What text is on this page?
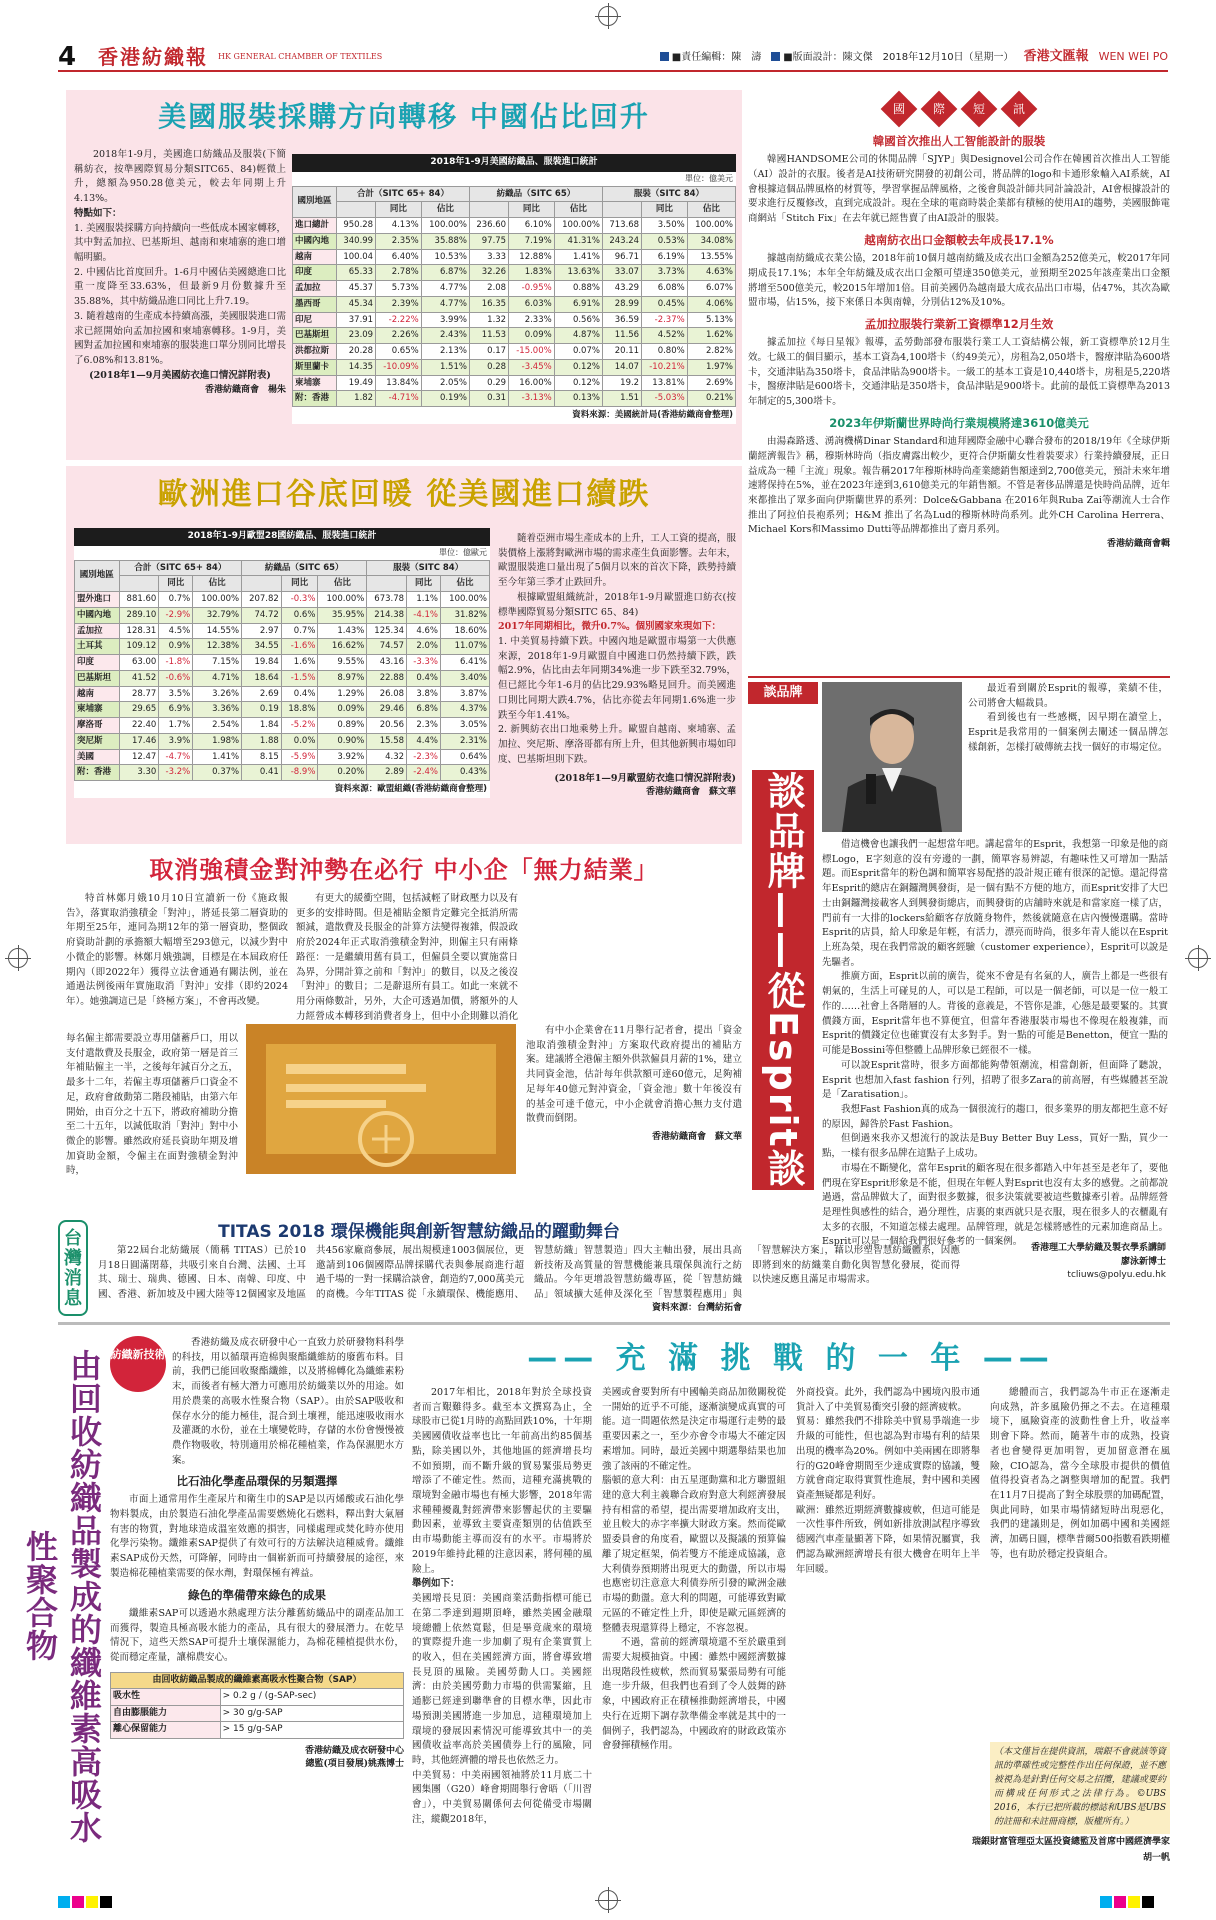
4	香港紡織報 HK GENERAL CHAMBER OF TEXTILES	■責任編輯：陳　濤	■版面設計：陳文傑 2018年12月10日（星期一） 香港文匯報 WEN WEI PO
美國服裝採購方向轉移 中國佔比回升

2018年1-9月，美國進口紡織品及服裝(下簡稱紡衣，按準國際貿易分類SITC65、84)輕微上升，總額為950.28億美元，較去年同期上升4.13%。

特點如下：

1. 美國服裝採購方向持續向一些低成本國家轉移，其中對孟加拉、巴基斯坦、越南和柬埔寨的進口增幅明顯。

2. 中國佔比首度回升。1-6月中國佔美國總進口比重一度降至33.63%，但最新9月份數據升至35.88%，其中紡織品進口同比上升7.19。

3. 隨着越南的生產成本持續高漲，美國服裝進口需求已經開始向孟加拉國和柬埔寨轉移。1-9月，美國對孟加拉國和柬埔寨的服裝進口單分別同比增長了6.08%和13.81%。

(2018年1—9月美國紡衣進口情況詳附表)

香港紡織商會　楊朱

2018年1-9月美國紡織品、服裝進口統計
單位：億美元
國別地區	合計（SITC 65+ 84）			紡織品（SITC 65）			服裝（SITC 84）		
		同比	佔比		同比	佔比		同比	佔比
進口總計	950.28	4.13%	100.00%	236.60	6.10%	100.00%	713.68	3.50%	100.00%
中國內地	340.99	2.35%	35.88%	97.75	7.19%	41.31%	243.24	0.53%	34.08%
越南	100.04	6.40%	10.53%	3.33	12.88%	1.41%	96.71	6.19%	13.55%
印度	65.33	2.78%	6.87%	32.26	1.83%	13.63%	33.07	3.73%	4.63%
孟加拉	45.37	5.73%	4.77%	2.08	-0.95%	0.88%	43.29	6.08%	6.07%
墨西哥	45.34	2.39%	4.77%	16.35	6.03%	6.91%	28.99	0.45%	4.06%
印尼	37.91	-2.22%	3.99%	1.32	2.33%	0.56%	36.59	-2.37%	5.13%
巴基斯坦	23.09	2.26%	2.43%	11.53	0.09%	4.87%	11.56	4.52%	1.62%
洪都拉斯	20.28	0.65%	2.13%	0.17	-15.00%	0.07%	20.11	0.80%	2.82%
斯里蘭卡	14.35	-10.09%	1.51%	0.28	-3.45%	0.12%	14.07	-10.21%	1.97%
柬埔寨	19.49	13.84%	2.05%	0.29	16.00%	0.12%	19.2	13.81%	2.69%
附：香港	1.82	-4.71%	0.19%	0.31	-3.13%	0.13%	1.51	-5.03%	0.21%
資料來源：美國統計局(香港紡織商會整理)
歐洲進口谷底回暖 從美國進口續跌
2018年1-9月歐盟28國紡織品、服裝進口統計
單位：億歐元
國別地區	合計（SITC 65+ 84）			紡織品（SITC 65）			服裝（SITC 84）		
		同比	佔比		同比	佔比		同比	佔比
盟外進口	881.60	0.7%	100.00%	207.82	-0.3%	100.00%	673.78	1.1%	100.00%
中國內地	289.10	-2.9%	32.79%	74.72	0.6%	35.95%	214.38	-4.1%	31.82%
孟加拉	128.31	4.5%	14.55%	2.97	0.7%	1.43%	125.34	4.6%	18.60%
土耳其	109.12	0.9%	12.38%	34.55	-1.6%	16.62%	74.57	2.0%	11.07%
印度	63.00	-1.8%	7.15%	19.84	1.6%	9.55%	43.16	-3.3%	6.41%
巴基斯坦	41.52	-0.6%	4.71%	18.64	-1.5%	8.97%	22.88	0.4%	3.40%
越南	28.77	3.5%	3.26%	2.69	0.4%	1.29%	26.08	3.8%	3.87%
柬埔寨	29.65	6.9%	3.36%	0.19	18.8%	0.09%	29.46	6.8%	4.37%
摩洛哥	22.40	1.7%	2.54%	1.84	-5.2%	0.89%	20.56	2.3%	3.05%
突尼斯	17.46	3.9%	1.98%	1.88	0.0%	0.90%	15.58	4.4%	2.31%
美國	12.47	-4.7%	1.41%	8.15	-5.9%	3.92%	4.32	-2.3%	0.64%
附：香港	3.30	-3.2%	0.37%	0.41	-8.9%	0.20%	2.89	-2.4%	0.43%
資料來源：歐盟組織(香港紡織商會整理)

隨着亞洲市場生產成本的上升，工人工資的提高，服裝價格上漲將對歐洲市場的需求產生負面影響。去年末，歐盟服裝進口量出現了5個月以來的首次下降，跌勢持續至今年第三季才止跌回升。

根據歐盟組織統計，2018年1-9月歐盟進口紡衣(按標準國際貿易分類SITC 65、84)

2017年同期相比，微升0.7%。個別國家來現如下：

1. 中美貿易持續下跌。中國內地是歐盟市場第一大供應來源，2018年1-9月歐盟自中國進口仍然持續下跌，跌幅2.9%，佔比由去年同期34%進一步下跌至32.79%，但已經比今年1-6月的佔比29.93%略見回升。而美國進口則比同期大跌4.7%，佔比亦從去年同期1.6%進一步跌至今年1.41%。

2. 新興紡衣出口地乘勢上升。歐盟自越南、柬埔寨、孟加拉、突尼斯、摩洛哥都有所上升，但其他新興市場如印度、巴基斯坦則下跌。

(2018年1—9月歐盟紡衣進口情況詳附表)

香港紡織商會　蘇文華

國	際	短	訊
韓國首次推出人工智能設計的服裝

韓國HANDSOME公司的休閒品牌「SJYP」與Designovel公司合作在韓國首次推出人工智能（AI）設計的衣服。後者是AI技術研究開發的初創公司，將品牌的logo和卡通形象輸入AI系統，AI會根據這個品牌風格的材質等，學習掌握品牌風格，之後會與設計師共同計論設計，AI會根據設計的要求進行反覆修改，直到完成設計。現在全球的電商時裝企業都有積極的使用AI的趨勢，美國服飾電商網站「Stitch Fix」在去年就已經售賣了由AI設計的服裝。

越南紡衣出口金額較去年成長17.1%

據越南紡織成衣業公協，2018年前10個月越南紡織及成衣出口金額為252億美元，較2017年同期成長17.1%；本年全年紡織及成衣出口金額可望達350億美元，並預期至2025年該產業出口金額將增至500億美元，較2015年增加1倍。目前美國仍為越南最大成衣品出口市場，佔47%，其次為歐盟市場，佔15%，接下來係日本與南韓，分別佔12%及10%。

孟加拉服裝行業新工資標準12月生效

據孟加拉《每日星報》報導，孟勞動部發布服裝行業工人工資結構公報，新工資標準於12月生效。七級工的個目顯示，基本工資為4,100塔卡（約49美元），房租為2,050塔卡，醫療津貼為600塔卡，交通津貼為350塔卡，食品津貼為900塔卡。一級工的基本工資是10,440塔卡，房租是5,220塔卡，醫療津貼是600塔卡，交通津貼是350塔卡，食品津貼是900塔卡。此前的最低工資標準為2013年制定的5,300塔卡。

2023年伊斯蘭世界時尚行業規模將達3610億美元

由湯森路透、湧詢機構Dinar Standard和迪拜國際金融中心聯合發布的2018/19年《全球伊斯蘭經濟報告》稱，穆斯林時尚（指皮膚露出較少，更符合伊斯蘭女性着裝要求）行業持續發展，正日益成為一種「主流」現象。報告稱2017年穆斯林時尚產業總銷售額達到2,700億美元，預計未來年增速將保持在5%，並在2023年達到3,610億美元的年銷售額。不管是奢侈品牌還是快時尚品牌，近年來都推出了眾多面向伊斯蘭世界的系列：Dolce&Gabbana 在2016年與Ruba Zai等潮流人士合作推出了阿拉伯長袍系列；H&M 推出了名為Lud的穆斯林時尚系列。此外CH Carolina Herrera、Michael Kors和Massimo Dutti等品牌都推出了齋月系列。

香港紡織商會輯

談品牌
談品牌——從Esprit談起

最近看到關於Esprit的報導，業績不佳，公司將會大幅裁員。

看到後也有一些感概，因早期在讀堂上，Esprit是我常用的一個案例去闡述一個品牌怎樣創新，怎樣打破傳統去找一個好的市場定位。

借這機會也讓我們一起想當年吧。講起當年的Esprit，我想第一印象是他的商標Logo，E字刻意的沒有旁邊的一劃，簡單容易辨認，有趣味性又可增加一點話題。而Esprit當年的粉色調和簡單容易配搭的設計規正確有很深的記憶。還記得當年Esprit的總店在銅鑼灣興發街，是一個有點不方便的地方，而Esprit安排了大巴士由銅鑼灣接載客人到興發街總店，而興發街的店舖時來就是和當家庭一樣了店，門前有一大排的lockers給顧客存放隨身物件，然後就隨意在店內慢慢選購。當時Esprit的店員，給人印象是年輕，有活力，漂亮而時尚，很多年青人能以在Esprit上班為榮，現在我們常說的顧客經驗（customer experience），Esprit可以說是先驅者。

推廣方面，Esprit以前的廣告，從來不會是有名氣的人，廣告上都是一些很有朝氣的，生活上可碰見的人，可以是工程師，可以是一個老師，可以是一位一般工作的……社會上各階層的人。背後的意義是，不管你是誰，心態是最要緊的。其實價錢方面，Esprit當年也不算便宜，但當年香港服裝市場也不像現在般複雜，而Esprit的價錢定位也確實沒有太多對手。對一點的可能是Benetton，便宜一點的可能是Bossini等但整體上品牌形象已經很不一樣。

可以說Esprit當時，很多方面都能夠帶領潮流，相當創新，但面降了聽說，Esprit 也想加入fast fashion 行列，招聘了很多Zara的前高層，有些媒體甚至說是「Zaratisation」。

我想Fast Fashion真的成為一個很流行的趨口，很多業界的朋友都把生意不好的原因，歸咎於Fast Fashion。

但倒過來我亦又想流行的說法是Buy Better Buy Less，買好一點，買少一點，一樣有很多品牌在這點子上成功。

市場在不斷變化，當年Esprit的顧客現在很多都踏入中年甚至是老年了，要他們現在穿Esprit形象是不能，但現在年輕人對Esprit也沒有太多的感覺。之前都說過過，當品牌做大了，面對很多數據，很多決策就要被這些數據牽引着。品牌經營是理性與感性的結合，過分理性，店裏的東西就只是衣服，現在很多人的衣櫃亂有太多的衣服，不知道怎樣去處理。品牌管理，就是怎樣將感性的元素加進商品上。Esprit可以是一個給我們很好參考的一個案例。

香港理工大學紡織及製衣學系講師

廖泳新博士

tcliuws@polyu.edu.hk

取消強積金對沖勢在必行 中小企「無力結業」

特首林鄭月娥10月10日宣讀新一份《施政報告》，落實取消強積金「對沖」，將延長第二層資助的年期至25年，連同為期12年的第一層資助，整個政府資助計劃的承擔額大幅增至293億元，以減少對中小微企的影響。林鄭月娥強調，目標是在本屆政府任期內（即2022年）獲得立法會通過有關法例，並在通過法例後兩年實施取消「對沖」安排（即約2024年）。她強調這已是「終極方案」，不會再改變。

每名僱主都需要設立專用儲蓄戶口，用以支付遣散費及長服金，政府第一層是首三年補貼僱主一半，之後每年減百分之五，最多十二年，若僱主專項儲蓄戶口資金不足，政府會啟動第二階段補貼，由第六年開始，由百分之十五下，將政府補助分擔至二十五年，以減低取消「對沖」對中小微企的影響。雖然政府延長資助年期及增加資助金額，令僱主在面對強積金對沖時，

有更大的緩衝空間，包括減輕了財政壓力以及有更多的安排時間。但是補貼金額肯定難完全抵消所需額減，遣散費及長服金的計算方法變得複雜，假設政府於2024年正式取消強積金對沖，則僱主只有兩條路徑：一是繼續用舊有員工，但僱員全要以實施當日為界，分開計算之前和「對沖」的數目，以及之後沒「對沖」的數目；二是辭退所有員工。如此一來就不用分兩條數計，另外，大企可透過加價，將額外的人力經營成本轉移到消費者身上，但中小企則難以消化

有中小企業會在11月舉行記者會，提出「資金池取消強積金對沖」方案取代政府提出的補貼方案。建議將全港僱主額外供款僱員月薪的1%，建立共同資金池，估計每年供款額可達60億元，足夠補足每年40億元對沖資金，「資金池」數十年後沒有的基金可達千億元，中小企就會消擔心無力支付遣散費而倒閉。

香港紡織商會　蘇文華

台灣消息	TITAS 2018 環保機能與創新智慧紡織品的躍動舞台

第22屆台北紡織展（簡稱 TITAS）已於10月18日圓滿閉幕，共吸引來自台灣、法國、土耳其、瑞士、瑞典、德國、日本、南韓、印度、中國、香港、新加坡及中國大陸等12個國家及地區共456家廠商參展，展出規模達1003個展位，更邀請到106個國際品牌採購代表與參展商進行超過千場的一對一採購洽談會，創造約7,000萬美元的商機。今年TITAS 從「永續環保、機能應用、智慧紡織」智慧製造」四大主軸出發，展出具高新技術及高質量的智慧機能兼具環保與流行之紡織品。今年更增設智慧紡織專區，從「智慧紡織品」領域擴大延伸及深化至「智慧製程應用」與「智慧解決方案」，藉以形塑智慧紡織體系，因應即將到來的紡織業自動化與智慧化發展，從而得以快速反應且滿足市場需求。

資料來源：台灣紡拓會

由回收紡織品製成的纖維素高吸水性聚合物
紡織新技術

香港紡織及成衣研發中心一直致力於研發物料科學的科技，用以循環再造棉與聚酯纖維紡的廢舊布料。目前，我們已能回收聚酯纖維，以及將棉轉化為纖維素粉末，而後者有極大潛力可應用於紡織業以外的用途。如用於農業的高吸水性聚合物（SAP）。由於SAP吸收和保存水分的能力極佳，混合到土壤裡，能迅速吸收雨水及灌溉的水份，並在土壤變乾時，存儲的水份會慢慢被農作物吸收，特別適用於棉花種植業，作為保濕肥水方案。

比石油化學產品環保的另類選擇

市面上通常用作生產尿片和衛生巾的SAP是以丙烯酸或石油化學物料製成，由於製造石油化學產品需要燃燒化石燃料，釋出對大氣層有害的物質，對地球造成溫室效應的損害，同樣處理或焚化時亦使用化學污染物。纖維素SAP提供了有效可行的方法解決這種威脅。纖維素SAP成份天然，可降解，同時由一個嶄新而可持續發展的途徑，來製造棉花種植業需要的保水劑，對環保極有裨益。

綠色的準備帶來綠色的成果

纖維素SAP可以透過水熱處理方法分離舊紡織品中的副產品加工而獲得，製造具極高吸水能力的產品，具有很大的發展潛力。在乾旱情況下，這些天然SAP可提升土壤保濕能力，為棉花種植提供水份，從而穩定產量，讓棉農安心。

由回收紡織品製成的纖維素高吸水性聚合物（SAP）	
吸水性	> 0.2 g / (g-SAP-sec)
自由膨脹能力	> 30 g/g-SAP
離心保留能力	> 15 g/g-SAP

香港紡織及成衣研發中心

總監(項目發展)姚燕博士

—— 充 滿 挑 戰 的 一 年 ——

2017年相比，2018年對於全球投資者而言艱難得多。截至本文撰寫為止，全球股市已從1月時的高點回跌10%，十年期美國國債收益率也比一年前高出約85個基點，除美國以外，其他地區的經濟增長均不如預期，而不斷升級的貿易緊張局勢更增添了不確定性。然而，這種充滿挑戰的環境對金融市場也有極大影響，2018年需求種種擾亂對經濟帶來影響起伏的主要驅動因素，並導致主要資產類別的估值跌至由市場動能主導而沒有的水平。市場將於2019年維持此種的注意因素，將何種的風險上。

舉例如下：

美國增長見頂：美國商業活動指標可能已在第二季達到週期頂峰，雖然美國金融環境總體上依然寬鬆，但是畢竟歲來的環境的實際提升進一步加劇了現有企業實質上的收入，但在美國經濟方面，將會導致增長見頂的風險。美國勞動人口。美國經濟：由於美國勞動力市場的供需緊縮，且通膨已經達到聯準會的目標水準，因此市場預測美國將進一步加息，這種環境加上環境的發展因素情況可能導致其中一的美國債收益率高於美國債券上行的風險，同時，其他經濟體的增長也依然乏力。

中美貿易：中美兩國領袖將於11月底二十國集團（G20）峰會期間舉行會晤（「川習會」），中美貿易關係何去何從備受市場關注，縱觀2018年，

美國或會要對所有中國輸美商品加徵關稅從一開始的近乎不可能，逐漸演變成真實的可能。這一問題依然是決定市場運行走勢的最重要因素之一，至少亦會令市場大不確定因素增加。同時，最近美國中期選舉結果也加強了該兩的不確定性。

腦頓的意大利：由五星運動黨和北方聯盟組建的意大利主義聯合政府對意大利經濟發展持有相當的希望，提出需要增加政府支出，並且較大的赤字率擴大財政方案。然而從歐盟委員會的角度看，歐盟以及擬議的預算偏離了規定框架，倘若雙方不能達成協議，意大利債券預期將出現更大的動盪，所以市場也應密切注意意大利債券所引發的歐洲金融市場的動盪。意大利的問題，可能導致對歐元區的不確定性上升，即使是歐元區經濟的整體表現還算得上穩定，不容忽視。

不過，當前的經濟環境還不至於嚴重到需要大規模抽資。中國：雖然中國經濟數據出現階段性疲軟，然而貿易緊張局勢有可能進一步升級，但我們也看到了令人鼓舞的跡象，中國政府正在積極推動經濟增長，中國央行在近期下調存款準備金率就是其中的一個例子，我們認為，中國政府的財政政策亦會發揮積極作用。

外商投資。此外，我們認為中國境內股市通貨計入了中美貿易衝突引發的經濟疲軟。

貿易：雖然我們不排除美中貿易爭端進一步升級的可能性，但也認為對市場有利的結果出現的機率為20%。例如中美兩國在即將舉行的G20峰會期間至少達成實際的協議，雙方就會商定取得實質性進展，對中國和美國資產無疑都是利好。

歐洲：雖然近期經濟數據疲軟，但這可能是一次性事件所致，例如新排放測試程序導致德國汽車產量顯著下降，如果情況屬實，我們認為歐洲經濟增長有很大機會在明年上半年回暖。

總體而言，我們認為牛市正在逐漸走向成熟，許多風險仍揮之不去。在這種環境下，風險資產的波動性會上升，收益率則會下降。然而，隨著牛市的成熟，投資者也會變得更加明智，更加留意潛在風險，CIO認為，當今全球股市提供的價值值得投資者為之調整與增加的配置。我們在11月7日提高了對全球股票的加碼配置，與此同時，如果市場情緒短時出現惡化，我們的建議則是，例如加碼中國和美國經濟，加碼日圓，標準普爾500指數看跌期權等，也有助於穩定投資組合。

（本文僅旨在提供資訊，瑞銀不會就該等資訊的準確性或完整性作出任何保證，並不應被視為是針對任何交易之招攬，建議或要約而構成任何形式之法律行為。©UBS 2016，本行已把所載的標誌和UBS是UBS的註冊和未註冊商標，版權所有。）

瑞銀財富管理亞太區投資總監及首席中國經濟學家

胡一帆
